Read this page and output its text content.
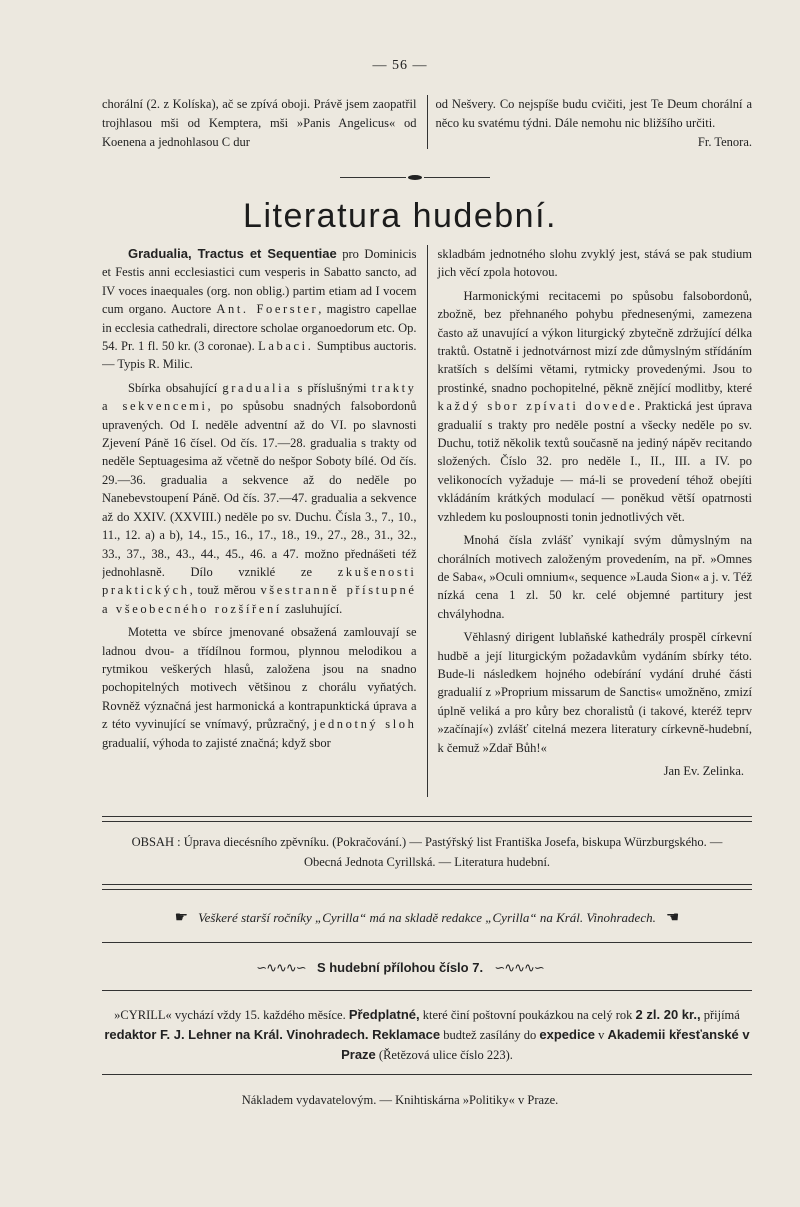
— 56 —
chorální (2. z Kolíska), ač se zpívá oboji. Právě jsem zaopatřil trojhlasou mši od Kemptera, mši »Panis Angelicus« od Koenena a jednohlasou C dur
od Nešvery. Co nejspíše budu cvičiti, jest Te Deum chorální a něco ku svatému týdni. Dále nemohu nic bližšího určiti.
Fr. Tenora.
Literatura hudební.

Gradualia, Tractus et Sequentiae pro Dominicis et Festis anni ecclesiastici cum vesperis in Sabatto sancto, ad IV voces inaequales (org. non oblig.) partim etiam ad I vocem cum organo. Auctore Ant. Foerster, magistro capellae in ecclesia cathedrali, directore scholae organoedorum etc. Op. 54. Pr. 1 fl. 50 kr. (3 coronae). Labaci. Sumptibus auctoris. — Typis R. Milic.

Sbírka obsahující gradualia s příslušnými trakty a sekvencemi, po spůsobu snadných falsobordonů upravených. Od I. neděle adventní až do VI. po slavnosti Zjevení Páně 16 čísel. Od čís. 17.—28. gradualia s trakty od neděle Septuagesima až včetně do nešpor Soboty bílé. Od čís. 29.—36. gradualia a sekvence až do neděle po Nanebevstoupení Páně. Od čís. 37.—47. gradualia a sekvence až do XXIV. (XXVIII.) neděle po sv. Duchu. Čísla 3., 7., 10., 11., 12. a) a b), 14., 15., 16., 17., 18., 19., 27., 28., 31., 32., 33., 37., 38., 43., 44., 45., 46. a 47. možno přednášeti též jednohlasně. Dílo vzniklé ze zkušenosti praktických, touž měrou všestranně přístupné a všeobecného rozšíření zasluhující.

Motetta ve sbírce jmenované obsažená zamlouvají se ladnou dvou- a třídílnou formou, plynnou melodikou a rytmikou veškerých hlasů, založena jsou na snadno pochopitelných motivech většinou z chorálu vyňatých. Rovněž význačná jest harmonická a kontrapunktická úprava a z této vyvinující se vnímavý, průzračný, jednotný sloh gradualií, výhoda to zajisté značná; když sbor

skladbám jednotného slohu zvyklý jest, stává se pak studium jich věcí zpola hotovou.

Harmonickými recitacemi po spůsobu falsobordonů, zbožně, bez přehnaného pohybu přednesenými, zamezena často až unavující a výkon liturgický zbytečně zdržující délka traktů. Ostatně i jednotvárnost mizí zde důmyslným střídáním kratších s delšími větami, rytmicky provedenými. Jsou to prostinké, snadno pochopitelné, pěkně znějící modlitby, které každý sbor zpívati dovede. Praktická jest úprava gradualií s trakty pro neděle postní a všecky neděle po sv. Duchu, totiž několik textů současně na jediný nápěv recitando složených. Číslo 32. pro neděle I., II., III. a IV. po velikonocích vyžaduje — má-li se provedení téhož obejíti vkládáním krátkých modulací — poněkud větší opatrnosti vzhledem ku posloupnosti tonin jednotlivých vět.

Mnohá čísla zvlášť vynikají svým důmyslným na chorálních motivech založeným provedením, na př. »Omnes de Saba«, »Oculi omnium«, sequence »Lauda Sion« a j. v. Též nízká cena 1 zl. 50 kr. celé objemné partitury jest chvályhodna.

Věhlasný dirigent lublaňské kathedrály prospěl církevní hudbě a její liturgickým požadavkům vydáním sbírky této. Bude-li následkem hojného odebírání vydání druhé části gradualií z »Proprium missarum de Sanctis« umožněno, zmizí úplně veliká a pro kůry bez choralistů (i takové, kteréž teprv »začínají«) zvlášť citelná mezera literatury církevně-hudební, k čemuž »Zdař Bůh!«

Jan Ev. Zelinka.

OBSAH : Úprava diecésního zpěvníku. (Pokračování.) — Pastýřský list Františka Josefa, biskupa Würzburgského. — Obecná Jednota Cyrillská. — Literatura hudební.
☛ Veškeré starší ročníky „Cyrilla“ má na skladě redakce „Cyrilla“ na Král. Vinohradech. ☚
∽∿∿∿∽ S hudební přílohou číslo 7. ∽∿∿∿∽
»CYRILL« vychází vždy 15. každého měsíce. Předplatné, které činí poštovní poukázkou na celý rok 2 zl. 20 kr., přijímá redaktor F. J. Lehner na Král. Vinohradech. Reklamace budtež zasílány do expedice v Akademii křesťanské v Praze (Řetězová ulice číslo 223).
Nákladem vydavatelovým. — Knihtiskárna »Politiky« v Praze.
